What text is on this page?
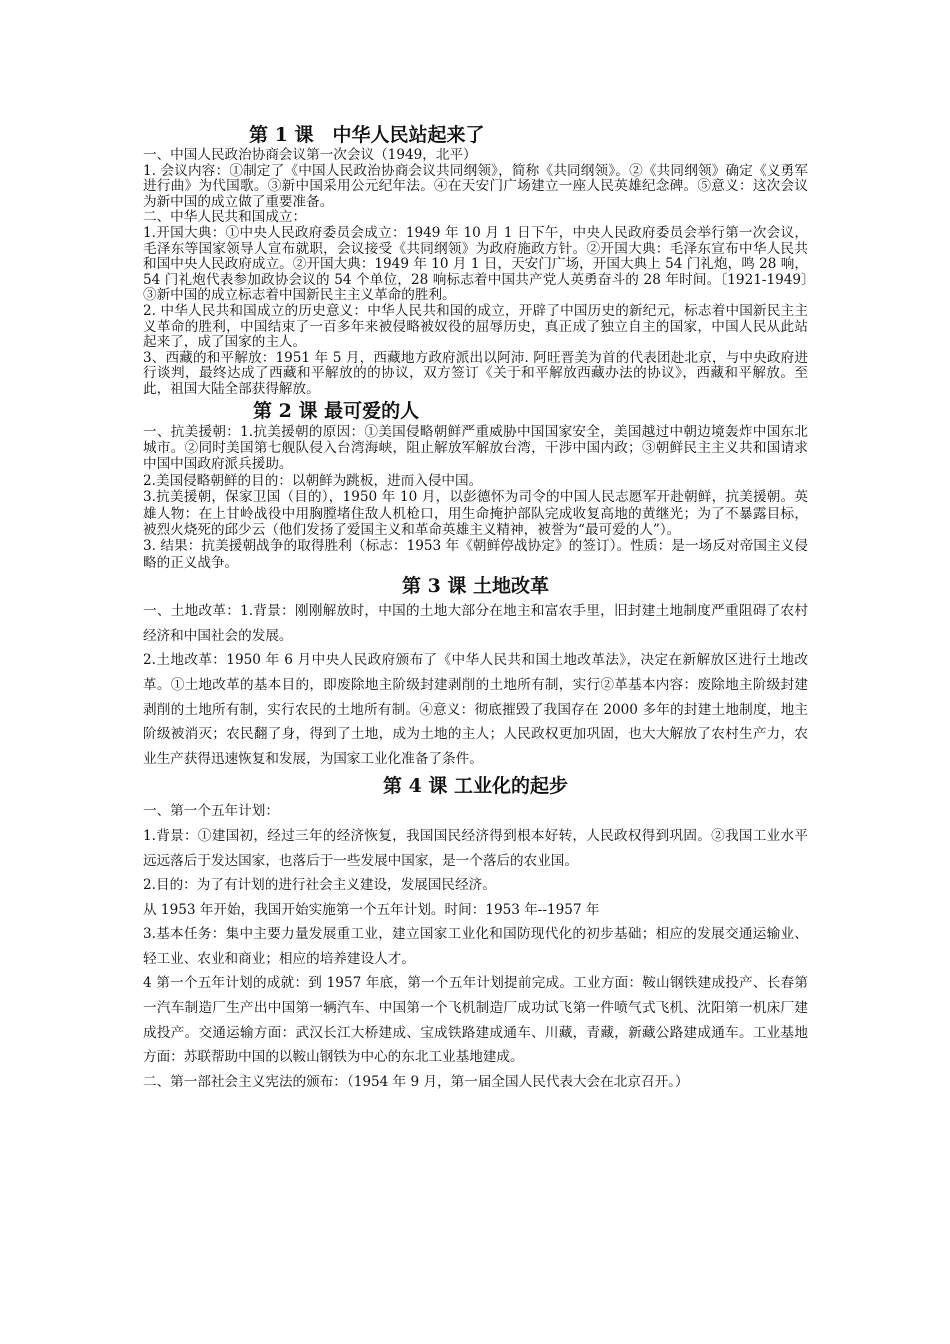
第 1 课　中华人民站起来了

一、中国人民政治协商会议第一次会议（1949，北平）

1. 会议内容：①制定了《中国人民政治协商会议共同纲领》，简称《共同纲领》。②《共同纲领》确定《义勇军进行曲》为代国歌。③新中国采用公元纪年法。④在天安门广场建立一座人民英雄纪念碑。⑤意义：这次会议为新中国的成立做了重要准备。

二、中华人民共和国成立：

1.开国大典：①中央人民政府委员会成立：1949 年 10 月 1 日下午，中央人民政府委员会举行第一次会议，毛泽东等国家领导人宣布就职，会议接受《共同纲领》为政府施政方针。②开国大典：毛泽东宣布中华人民共和国中央人民政府成立。②开国大典：1949 年 10 月 1 日，天安门广场，开国大典上 54 门礼炮，鸣 28 响，54 门礼炮代表参加政协会议的 54 个单位，28 响标志着中国共产党人英勇奋斗的 28 年时间。〔1921-1949〕③新中国的成立标志着中国新民主主义革命的胜利。

2. 中华人民共和国成立的历史意义：中华人民共和国的成立，开辟了中国历史的新纪元，标志着中国新民主主义革命的胜利，中国结束了一百多年来被侵略被奴役的屈辱历史，真正成了独立自主的国家，中国人民从此站起来了，成了国家的主人。

3、西藏的和平解放：1951 年 5 月，西藏地方政府派出以阿沛. 阿旺晋美为首的代表团赴北京，与中央政府进行谈判，最终达成了西藏和平解放的的协议，双方签订《关于和平解放西藏办法的协议》，西藏和平解放。至此，祖国大陆全部获得解放。

第 2 课 最可爱的人

一、抗美援朝：1.抗美援朝的原因：①美国侵略朝鲜严重威胁中国国家安全，美国越过中朝边境轰炸中国东北城市。②同时美国第七舰队侵入台湾海峡，阻止解放军解放台湾，干涉中国内政；③朝鲜民主主义共和国请求中国中国政府派兵援助。

2.美国侵略朝鲜的目的：以朝鲜为跳板，进而入侵中国。

3.抗美援朝，保家卫国（目的），1950 年 10 月，以彭德怀为司令的中国人民志愿军开赴朝鲜，抗美援朝。英雄人物：在上甘岭战役中用胸膛堵住敌人机枪口，用生命掩护部队完成收复高地的黄继光；为了不暴露目标，被烈火烧死的邱少云（他们发扬了爱国主义和革命英雄主义精神，被誉为“最可爱的人”）。

3. 结果：抗美援朝战争的取得胜利（标志：1953 年《朝鲜停战协定》的签订）。性质：是一场反对帝国主义侵略的正义战争。

第 3 课 土地改革

一、土地改革：1.背景：刚刚解放时，中国的土地大部分在地主和富农手里，旧封建土地制度严重阻碍了农村经济和中国社会的发展。

2.土地改革：1950 年 6 月中央人民政府颁布了《中华人民共和国土地改革法》，决定在新解放区进行土地改革。①土地改革的基本目的，即废除地主阶级封建剥削的土地所有制，实行②革基本内容：废除地主阶级封建剥削的土地所有制，实行农民的土地所有制。④意义：彻底摧毁了我国存在 2000 多年的封建土地制度，地主阶级被消灭；农民翻了身，得到了土地，成为土地的主人；人民政权更加巩固，也大大解放了农村生产力，农业生产获得迅速恢复和发展，为国家工业化准备了条件。

第 4 课 工业化的起步

一、第一个五年计划：

1.背景：①建国初，经过三年的经济恢复，我国国民经济得到根本好转，人民政权得到巩固。②我国工业水平远远落后于发达国家，也落后于一些发展中国家，是一个落后的农业国。

2.目的：为了有计划的进行社会主义建设，发展国民经济。

从 1953 年开始，我国开始实施第一个五年计划。时间：1953 年--1957 年

3.基本任务：集中主要力量发展重工业，建立国家工业化和国防现代化的初步基础；相应的发展交通运输业、轻工业、农业和商业；相应的培养建设人才。

4 第一个五年计划的成就：到 1957 年底，第一个五年计划提前完成。工业方面：鞍山钢铁建成投产、长春第一汽车制造厂生产出中国第一辆汽车、中国第一个飞机制造厂成功试飞第一件喷气式飞机、沈阳第一机床厂建成投产。交通运输方面：武汉长江大桥建成、宝成铁路建成通车、川藏，青藏，新藏公路建成通车。工业基地方面：苏联帮助中国的以鞍山钢铁为中心的东北工业基地建成。

二、第一部社会主义宪法的颁布：（1954 年 9 月，第一届全国人民代表大会在北京召开。）
